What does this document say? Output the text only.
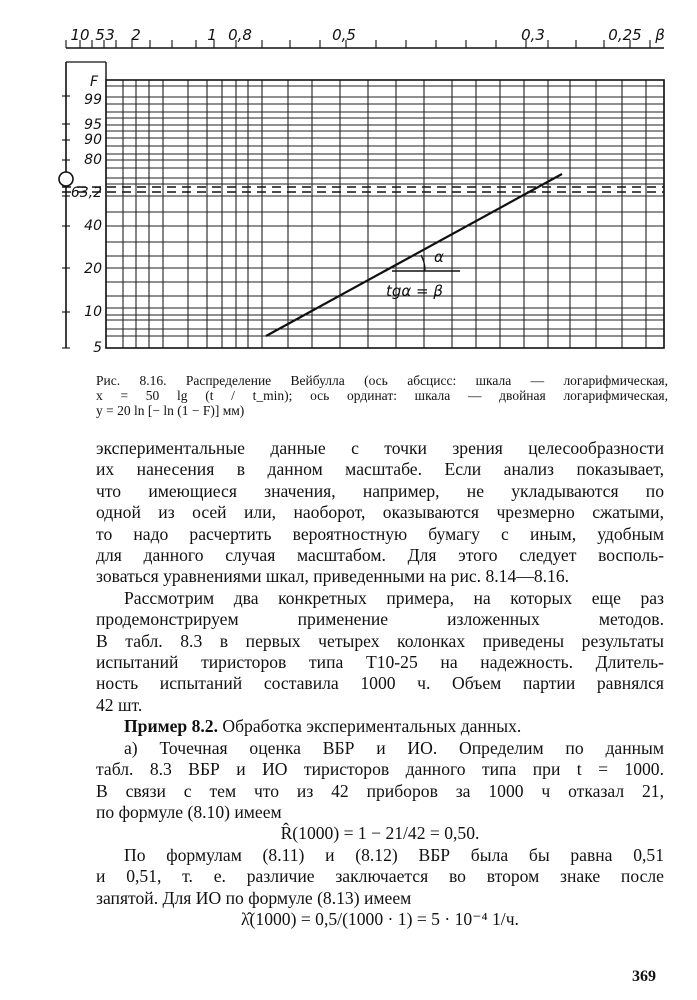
10 5 3 2	1 0,8	0,5	0,3	0,25 β
99
95
90
80
63,2
40
20
10
5
α
tgα = β
F

Рис. 8.16. Распределение Вейбулла (ось абсцисс: шкала — логарифмическая,

x = 50 lg (t / t_min); ось ординат: шкала — двойная логарифмическая,

y = 20 ln [− ln (1 − F)] мм)

экспериментальные данные с точки зрения целесообразности

их нанесения в данном масштабе. Если анализ показывает,

что имеющиеся значения, например, не укладываются по

одной из осей или, наоборот, оказываются чрезмерно сжатыми,

то надо расчертить вероятностную бумагу с иным, удобным

для данного случая масштабом. Для этого следует восполь-

зоваться уравнениями шкал, приведенными на рис. 8.14—8.16.

Рассмотрим два конкретных примера, на которых еще раз

продемонстрируем применение изложенных методов.

В табл. 8.3 в первых четырех колонках приведены результаты

испытаний тиристоров типа Т10-25 на надежность. Длитель-

ность испытаний составила 1000 ч. Объем партии равнялся

42 шт.

Пример 8.2. Обработка экспериментальных данных.

а) Точечная оценка ВБР и ИО. Определим по данным

табл. 8.3 ВБР и ИО тиристоров данного типа при t = 1000.

В связи с тем что из 42 приборов за 1000 ч отказал 21,

по формуле (8.10) имеем

R̂(1000) = 1 − 21/42 = 0,50.

По формулам (8.11) и (8.12) ВБР была бы равна 0,51

и 0,51, т. е. различие заключается во втором знаке после

запятой. Для ИО по формуле (8.13) имеем

λ̂(1000) = 0,5/(1000 · 1) = 5 · 10⁻⁴ 1/ч.

369
